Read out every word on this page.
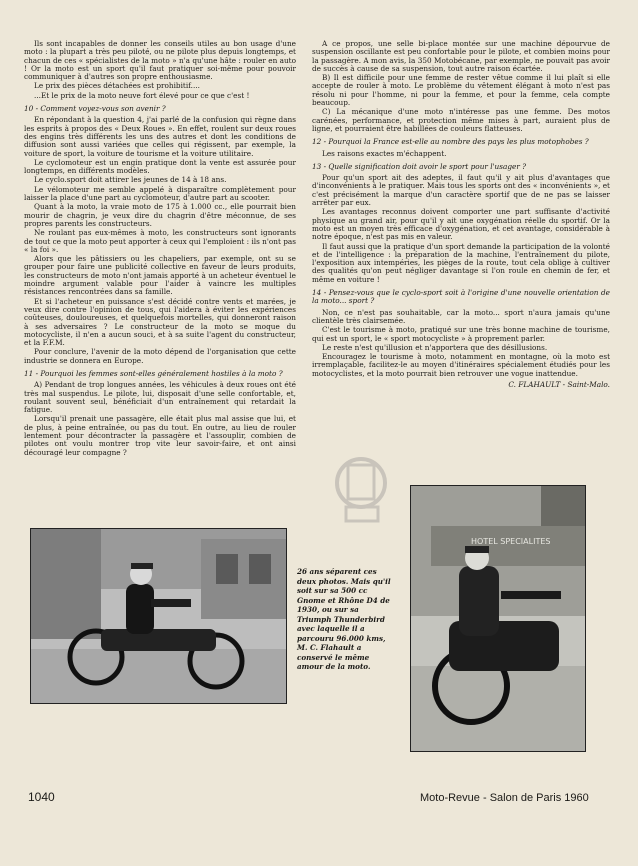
Ils sont incapables de donner les conseils utiles au bon usage d'une moto : la plupart a très peu piloté, ou ne pilote plus depuis longtemps, et chacun de ces « spécialistes de la moto » n'a qu'une hâte : rouler en auto ! Or la moto est un sport qu'il faut pratiquer soi-même pour pouvoir communiquer à d'autres son propre enthousiasme.

Le prix des pièces détachées est prohibitif....

...Et le prix de la moto neuve fort élevé pour ce que c'est !

10 - Comment voyez-vous son avenir ?

En répondant à la question 4, j'ai parlé de la confusion qui règne dans les esprits à propos des « Deux Roues ». En effet, roulent sur deux roues des engins très différents les uns des autres et dont les conditions de diffusion sont aussi variées que celles qui régissent, par exemple, la voiture de sport, la voiture de tourisme et la voiture utilitaire.

Le cyclomoteur est un engin pratique dont la vente est assurée pour longtemps, en différents modèles.

Le cyclo.sport doit attirer les jeunes de 14 à 18 ans.

Le vélomoteur me semble appelé à disparaître complètement pour laisser la place d'une part au cyclomoteur, d'autre part au scooter.

Quant à la moto, la vraie moto de 175 à 1.000 cc., elle pourrait bien mourir de chagrin, je veux dire du chagrin d'être méconnue, de ses propres parents les constructeurs.

Ne roulant pas eux-mêmes à moto, les constructeurs sont ignorants de tout ce que la moto peut apporter à ceux qui l'emploient : ils n'ont pas « la foi ».

Alors que les pâtissiers ou les chapeliers, par exemple, ont su se grouper pour faire une publicité collective en faveur de leurs produits, les constructeurs de moto n'ont jamais apporté à un acheteur éventuel le moindre argument valable pour l'aider à vaincre les multiples résistances rencontrées dans sa famille.

Et si l'acheteur en puissance s'est décidé contre vents et marées, je veux dire contre l'opinion de tous, qui l'aidera à éviter les expériences coûteuses, douloureuses, et quelquefois mortelles, qui donneront raison à ses adversaires ? Le constructeur de la moto se moque du motocycliste, il n'en a aucun souci, et à sa suite l'agent du constructeur, et la F.F.M.

Pour conclure, l'avenir de la moto dépend de l'organisation que cette industrie se donnera en Europe.

11 - Pourquoi les femmes sont-elles généralement hostiles à la moto ?

A) Pendant de trop longues années, les véhicules à deux roues ont été très mal suspendus. Le pilote, lui, disposait d'une selle confortable, et, roulant souvent seul, bénéficiait d'un entraînement qui retardait la fatigue.

Lorsqu'il prenait une passagère, elle était plus mal assise que lui, et de plus, à peine entraînée, ou pas du tout. En outre, au lieu de rouler lentement pour décontracter la passagère et l'assouplir, combien de pilotes ont voulu montrer trop vite leur savoir-faire, et ont ainsi découragé leur compagne ?

A ce propos, une selle bi-place montée sur une machine dépourvue de suspension oscillante est peu confortable pour le pilote, et combien moins pour la passagère. A mon avis, la 350 Motobécane, par exemple, ne pouvait pas avoir de succès à cause de sa suspension, tout autre raison écartée.

B) Il est difficile pour une femme de rester vêtue comme il lui plaît si elle accepte de rouler à moto. Le problème du vêtement élégant à moto n'est pas résolu ni pour l'homme, ni pour la femme, et pour la femme, cela compte beaucoup.

C) La mécanique d'une moto n'intéresse pas une femme. Des motos carénées, performance, et protection même mises à part, auraient plus de ligne, et pourraient être habillées de couleurs flatteuses.

12 - Pourquoi la France est-elle au nombre des pays les plus motophobes ?

Les raisons exactes m'échappent.

13 - Quelle signification doit avoir le sport pour l'usager ?

Pour qu'un sport ait des adeptes, il faut qu'il y ait plus d'avantages que d'inconvénients à le pratiquer. Mais tous les sports ont des « inconvénients », et c'est précisément la marque d'un caractère sportif que de ne pas se laisser arrêter par eux.

Les avantages reconnus doivent comporter une part suffisante d'activité physique au grand air, pour qu'il y ait une oxygénation réelle du sportif. Or la moto est un moyen très efficace d'oxygénation, et cet avantage, considérable à notre époque, n'est pas mis en valeur.

Il faut aussi que la pratique d'un sport demande la participation de la volonté et de l'intelligence : la préparation de la machine, l'entraînement du pilote, l'exposition aux intempéries, les pièges de la route, tout cela oblige à cultiver des qualités qu'on peut négliger davantage si l'on roule en chemin de fer, et même en voiture !

14 - Pensez-vous que le cyclo-sport soit à l'origine d'une nouvelle orientation de la moto... sport ?

Non, ce n'est pas souhaitable, car la moto... sport n'aura jamais qu'une clientèle très clairsemée.

C'est le tourisme à moto, pratiqué sur une très bonne machine de tourisme, qui est un sport, le « sport motocycliste » à proprement parler.

Le reste n'est qu'illusion et n'apportera que des désillusions.

Encouragez le tourisme à moto, notamment en montagne, où la moto est irremplaçable, facilitez-le au moyen d'itinéraires spécialement étudiés pour les motocyclistes, et la moto pourrait bien retrouver une vogue inattendue.

C. FLAHAULT - Saint-Malo.

26 ans séparent ces deux photos. Mais qu'il soit sur sa 500 cc Gnome et Rhône D4 de 1930, ou sur sa Triumph Thunderbird avec laquelle il a parcouru 96.000 kms, M. C. Flahault a conservé le même amour de la moto.
HOTEL SPECIALITES
1040	Moto-Revue - Salon de Paris 1960
